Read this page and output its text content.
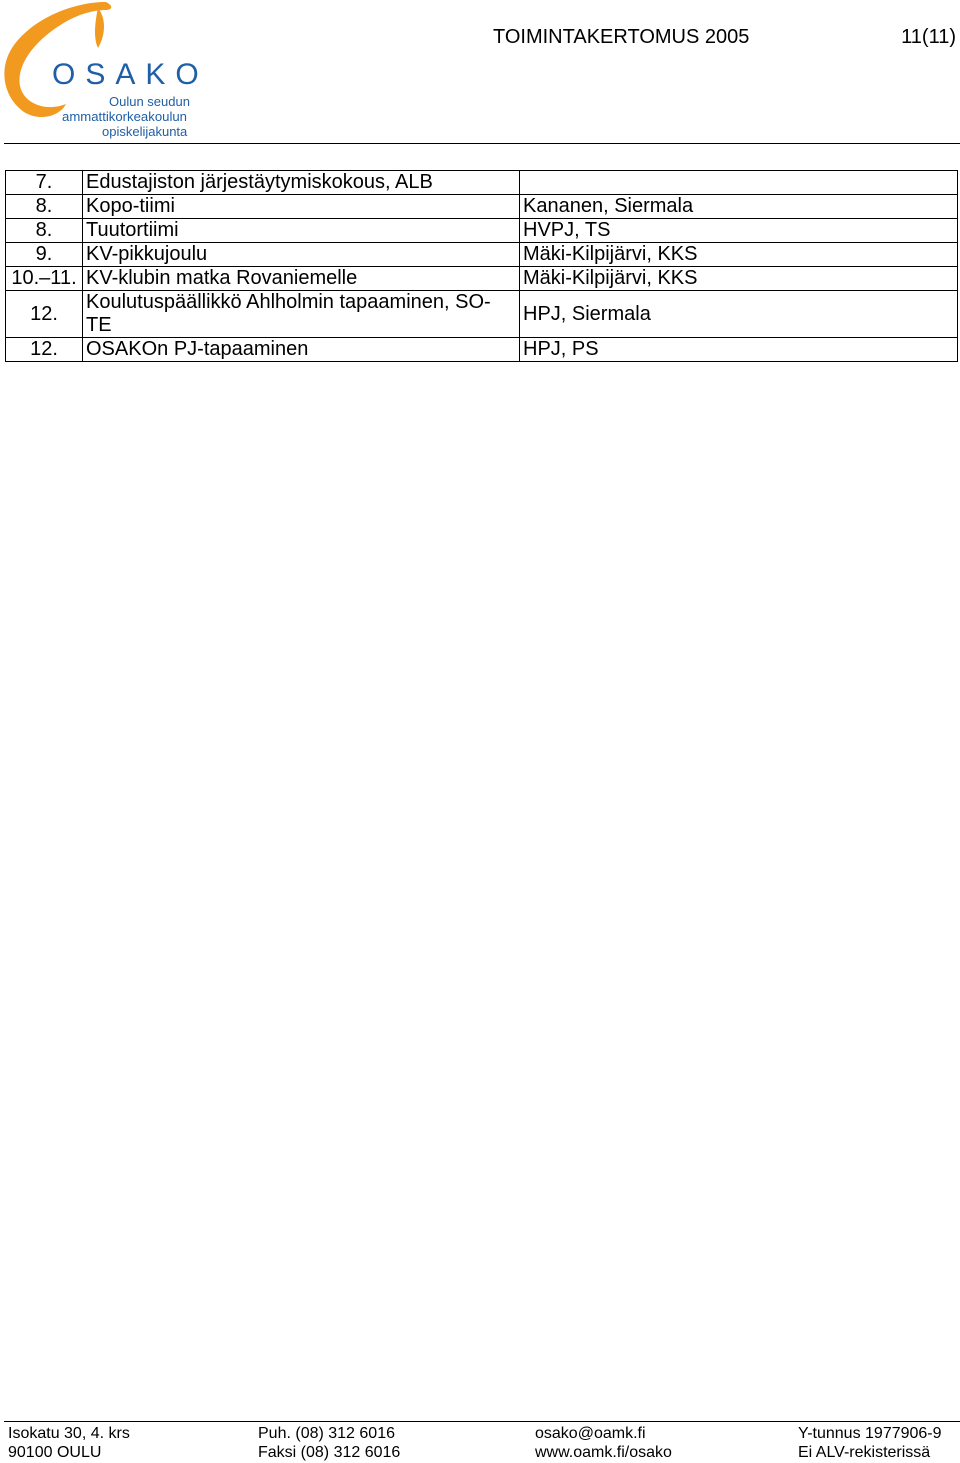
OSAKO
Oulun seudun
ammattikorkeakoulun
opiskelijakunta
TOIMINTAKERTOMUS 2005	11(11)
7.	Edustajiston järjestäytymiskokous, ALB	
8.	Kopo-tiimi	Kananen, Siermala
8.	Tuutortiimi	HVPJ, TS
9.	KV-pikkujoulu	Mäki-Kilpijärvi, KKS
10.–11.	KV-klubin matka Rovaniemelle	Mäki-Kilpijärvi, KKS
12.	Koulutuspäällikkö Ahlholmin tapaaminen, SO-TE	HPJ, Siermala
12.	OSAKOn PJ-tapaaminen	HPJ, PS
Isokatu 30, 4. krs
90100 OULU
Puh. (08) 312 6016
Faksi (08) 312 6016
osako@oamk.fi
www.oamk.fi/osako
Y-tunnus 1977906-9
Ei ALV-rekisterissä
